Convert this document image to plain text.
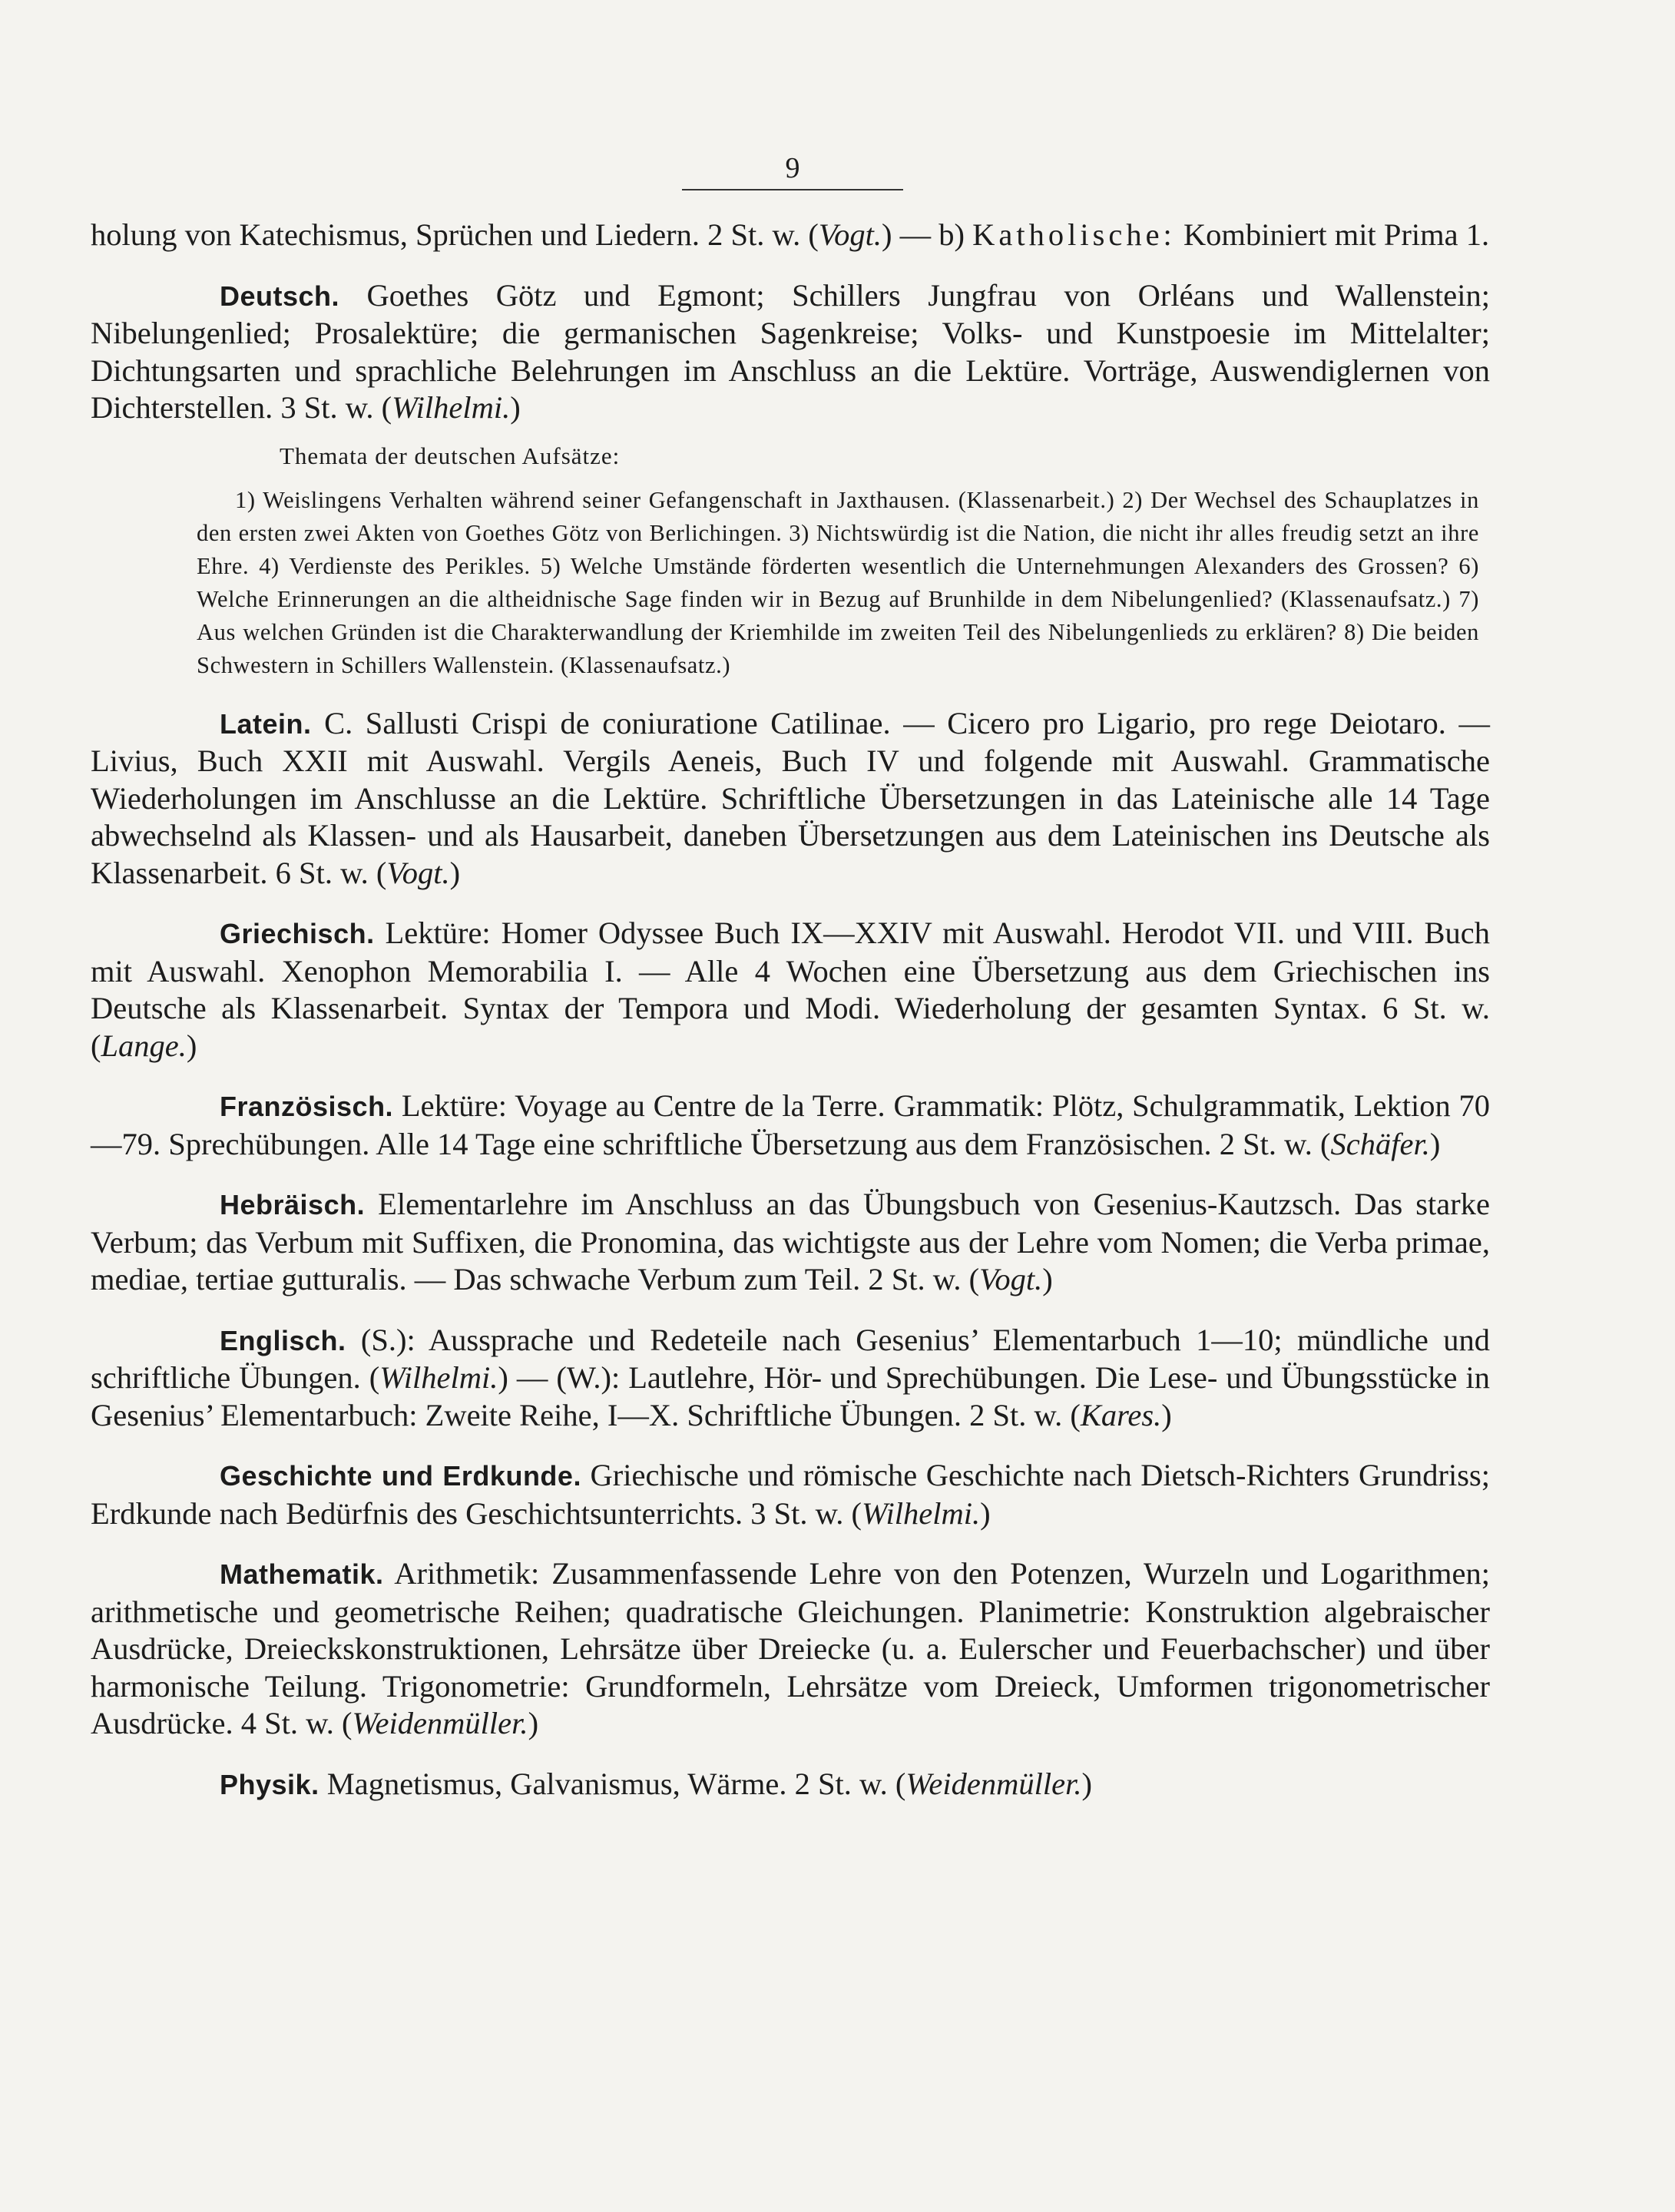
9

holung von Katechismus, Sprüchen und Liedern. 2 St. w. (Vogt.) — b) Katholische: Kombiniert mit Prima 1.

Deutsch. Goethes Götz und Egmont; Schillers Jungfrau von Orléans und Wallenstein; Nibelungenlied; Prosalektüre; die germanischen Sagenkreise; Volks- und Kunstpoesie im Mittelalter; Dichtungsarten und sprachliche Belehrungen im Anschluss an die Lektüre. Vorträge, Auswendiglernen von Dichterstellen. 3 St. w. (Wilhelmi.)

Themata der deutschen Aufsätze:

1) Weislingens Verhalten während seiner Gefangenschaft in Jaxthausen. (Klassenarbeit.) 2) Der Wechsel des Schauplatzes in den ersten zwei Akten von Goethes Götz von Berlichingen. 3) Nichtswürdig ist die Nation, die nicht ihr alles freudig setzt an ihre Ehre. 4) Verdienste des Perikles. 5) Welche Umstände förderten wesentlich die Unternehmungen Alexanders des Grossen? 6) Welche Erinnerungen an die altheidnische Sage finden wir in Bezug auf Brunhilde in dem Nibelungenlied? (Klassenaufsatz.) 7) Aus welchen Gründen ist die Charakterwandlung der Kriemhilde im zweiten Teil des Nibelungenlieds zu erklären? 8) Die beiden Schwestern in Schillers Wallenstein. (Klassenaufsatz.)

Latein. C. Sallusti Crispi de coniuratione Catilinae. — Cicero pro Ligario, pro rege Deiotaro. — Livius, Buch XXII mit Auswahl. Vergils Aeneis, Buch IV und folgende mit Auswahl. Grammatische Wiederholungen im Anschlusse an die Lektüre. Schriftliche Übersetzungen in das Lateinische alle 14 Tage abwechselnd als Klassen- und als Hausarbeit, daneben Übersetzungen aus dem Lateinischen ins Deutsche als Klassenarbeit. 6 St. w. (Vogt.)

Griechisch. Lektüre: Homer Odyssee Buch IX—XXIV mit Auswahl. Herodot VII. und VIII. Buch mit Auswahl. Xenophon Memorabilia I. — Alle 4 Wochen eine Übersetzung aus dem Griechischen ins Deutsche als Klassenarbeit. Syntax der Tempora und Modi. Wiederholung der gesamten Syntax. 6 St. w. (Lange.)

Französisch. Lektüre: Voyage au Centre de la Terre. Grammatik: Plötz, Schulgrammatik, Lektion 70—79. Sprechübungen. Alle 14 Tage eine schriftliche Übersetzung aus dem Französischen. 2 St. w. (Schäfer.)

Hebräisch. Elementarlehre im Anschluss an das Übungsbuch von Gesenius-Kautzsch. Das starke Verbum; das Verbum mit Suffixen, die Pronomina, das wichtigste aus der Lehre vom Nomen; die Verba primae, mediae, tertiae gutturalis. — Das schwache Verbum zum Teil. 2 St. w. (Vogt.)

Englisch. (S.): Aussprache und Redeteile nach Gesenius’ Elementarbuch 1—10; mündliche und schriftliche Übungen. (Wilhelmi.) — (W.): Lautlehre, Hör- und Sprechübungen. Die Lese- und Übungsstücke in Gesenius’ Elementarbuch: Zweite Reihe, I—X. Schriftliche Übungen. 2 St. w. (Kares.)

Geschichte und Erdkunde. Griechische und römische Geschichte nach Dietsch-Richters Grundriss; Erdkunde nach Bedürfnis des Geschichtsunterrichts. 3 St. w. (Wilhelmi.)

Mathematik. Arithmetik: Zusammenfassende Lehre von den Potenzen, Wurzeln und Logarithmen; arithmetische und geometrische Reihen; quadratische Gleichungen. Planimetrie: Konstruktion algebraischer Ausdrücke, Dreieckskonstruktionen, Lehrsätze über Dreiecke (u. a. Eulerscher und Feuerbachscher) und über harmonische Teilung. Trigonometrie: Grundformeln, Lehrsätze vom Dreieck, Umformen trigonometrischer Ausdrücke. 4 St. w. (Weidenmüller.)

Physik. Magnetismus, Galvanismus, Wärme. 2 St. w. (Weidenmüller.)
